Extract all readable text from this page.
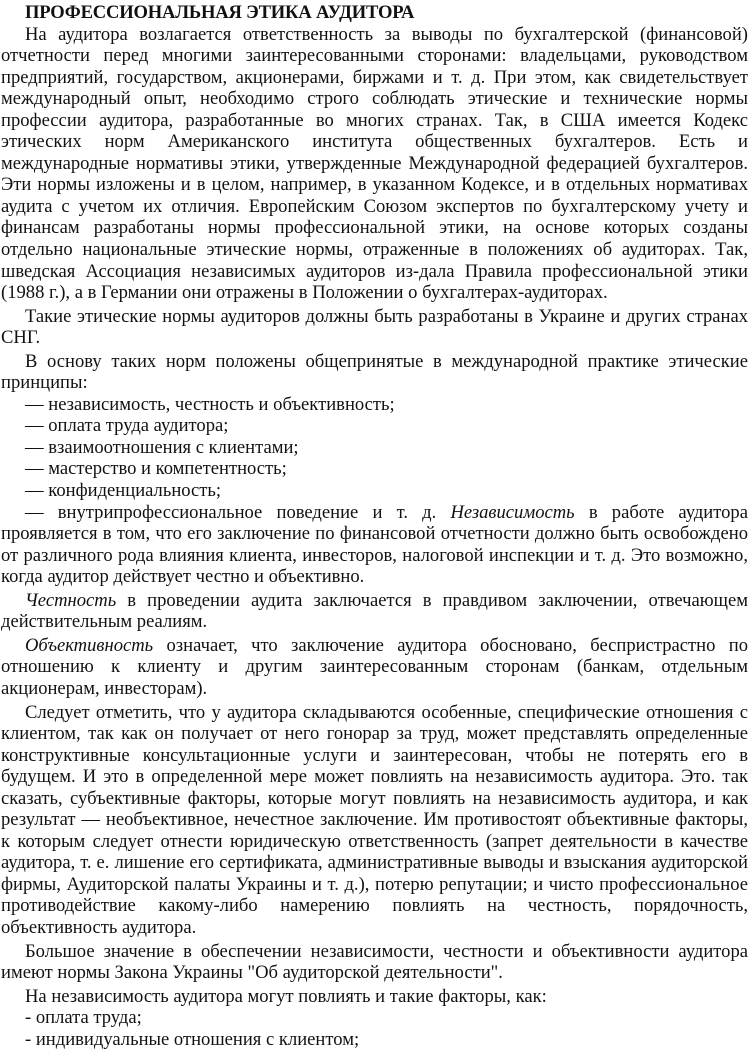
ПРОФЕССИОНАЛЬНАЯ ЭТИКА АУДИТОРА

На аудитора возлагается ответственность за выводы по бухгалтерской (финансовой) отчетности перед многими заинтересованными сторонами: владельцами, руководством предприятий, государством, акционерами, биржами и т. д. При этом, как свидетельствует международный опыт, необходимо строго соблюдать этические и технические нормы профессии аудитора, разработанные во многих странах. Так, в США имеется Кодекс этических норм Американского института общественных бухгалтеров. Есть и международные нормативы этики, утвержденные Международной федерацией бухгалтеров. Эти нормы изложены и в целом, например, в указанном Кодексе, и в отдельных нормативах аудита с учетом их отличия. Европейским Союзом экспертов по бухгалтерскому учету и финансам разработаны нормы профессиональной этики, на основе которых созданы отдельно национальные этические нормы, отраженные в положениях об аудиторах. Так, шведская Ассоциация независимых аудиторов из-дала Правила профессиональной этики (1988 г.), а в Германии они отражены в Положении о бухгалтерах-аудиторах.

Такие этические нормы аудиторов должны быть разработаны в Украине и других странах СНГ.

В основу таких норм положены общепринятые в международной практике этические принципы:

— независимость, честность и объективность;

— оплата труда аудитора;

— взаимоотношения с клиентами;

— мастерство и компетентность;

— конфиденциальность;

— внутрипрофессиональное поведение и т. д. Независимость в работе аудитора проявляется в том, что его заключение по финансовой отчетности должно быть освобождено от различного рода влияния клиента, инвесторов, налоговой инспекции и т. д. Это возможно, когда аудитор действует честно и объективно.

Честность в проведении аудита заключается в правдивом заключении, отвечающем действительным реалиям.

Объективность означает, что заключение аудитора обосновано, беспристрастно по отношению к клиенту и другим заинтересованным сторонам (банкам, отдельным акционерам, инвесторам).

Следует отметить, что у аудитора складываются особенные, специфические отношения с клиентом, так как он получает от него гонорар за труд, может представлять определенные конструктивные консультационные услуги и заинтересован, чтобы не потерять его в будущем. И это в определенной мере может повлиять на независимость аудитора. Это. так сказать, субъективные факторы, которые могут повлиять на независимость аудитора, и как результат — необъективное, нечестное заключение. Им противостоят объективные факторы, к которым следует отнести юридическую ответственность (запрет деятельности в качестве аудитора, т. е. лишение его сертификата, административные выводы и взыскания аудиторской фирмы, Аудиторской палаты Украины и т. д.), потерю репутации; и чисто профессиональное противодействие какому-либо намерению повлиять на честность, порядочность, объективность аудитора.

Большое значение в обеспечении независимости, честности и объективности аудитора имеют нормы Закона Украины "Об аудиторской деятельности".

На независимость аудитора могут повлиять и такие факторы, как:

- оплата труда;

- индивидуальные отношения с клиентом;
